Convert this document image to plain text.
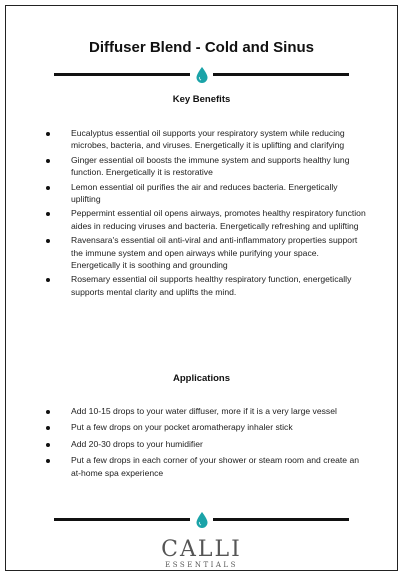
Diffuser Blend - Cold and Sinus
Key Benefits
Eucalyptus essential oil supports your respiratory system while reducing microbes, bacteria, and viruses. Energetically it is uplifting and clarifying
Ginger essential oil boosts the immune system and supports healthy lung function. Energetically it is restorative
Lemon essential oil purifies the air and reduces bacteria. Energetically uplifting
Peppermint essential oil opens airways, promotes healthy respiratory function aides in reducing viruses and bacteria. Energetically refreshing and uplifting
Ravensara's essential oil anti-viral and anti-inflammatory properties support the immune system and open airways while purifying your space. Energetically it is soothing and grounding
Rosemary essential oil supports healthy respiratory function, energetically supports mental clarity and uplifts the mind.
Applications
Add 10-15 drops to your water diffuser, more if it is a very large vessel
Put a few drops on your pocket aromatherapy inhaler stick
Add 20-30 drops to your humidifier
Put a few drops in each corner of your shower or steam room and create an at-home spa experience
CALLI
ESSENTIALS
